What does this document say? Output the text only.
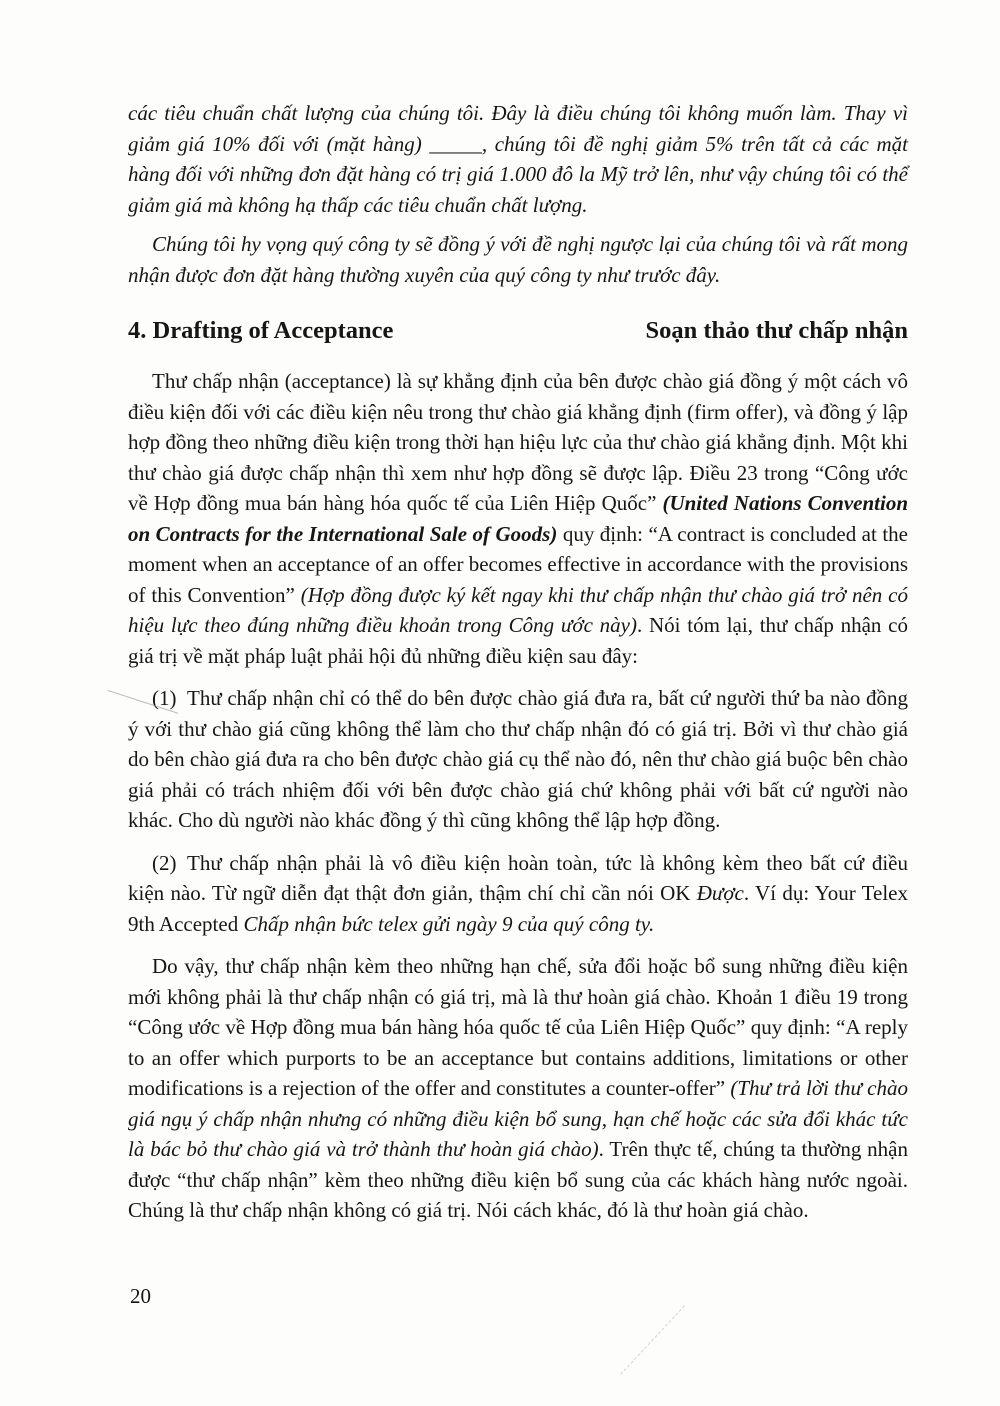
các tiêu chuẩn chất lượng của chúng tôi. Đây là điều chúng tôi không muốn làm. Thay vì giảm giá 10% đối với (mặt hàng) _____, chúng tôi đề nghị giảm 5% trên tất cả các mặt hàng đối với những đơn đặt hàng có trị giá 1.000 đô la Mỹ trở lên, như vậy chúng tôi có thể giảm giá mà không hạ thấp các tiêu chuẩn chất lượng.

Chúng tôi hy vọng quý công ty sẽ đồng ý với đề nghị ngược lại của chúng tôi và rất mong nhận được đơn đặt hàng thường xuyên của quý công ty như trước đây.

4. Drafting of Acceptance	Soạn thảo thư chấp nhận

Thư chấp nhận (acceptance) là sự khẳng định của bên được chào giá đồng ý một cách vô điều kiện đối với các điều kiện nêu trong thư chào giá khẳng định (firm offer), và đồng ý lập hợp đồng theo những điều kiện trong thời hạn hiệu lực của thư chào giá khẳng định. Một khi thư chào giá được chấp nhận thì xem như hợp đồng sẽ được lập. Điều 23 trong “Công ước về Hợp đồng mua bán hàng hóa quốc tế của Liên Hiệp Quốc” (United Nations Convention on Contracts for the International Sale of Goods) quy định: “A contract is concluded at the moment when an acceptance of an offer becomes effective in accordance with the provisions of this Convention” (Hợp đồng được ký kết ngay khi thư chấp nhận thư chào giá trở nên có hiệu lực theo đúng những điều khoản trong Công ước này). Nói tóm lại, thư chấp nhận có giá trị về mặt pháp luật phải hội đủ những điều kiện sau đây:

(1) Thư chấp nhận chỉ có thể do bên được chào giá đưa ra, bất cứ người thứ ba nào đồng ý với thư chào giá cũng không thể làm cho thư chấp nhận đó có giá trị. Bởi vì thư chào giá do bên chào giá đưa ra cho bên được chào giá cụ thể nào đó, nên thư chào giá buộc bên chào giá phải có trách nhiệm đối với bên được chào giá chứ không phải với bất cứ người nào khác. Cho dù người nào khác đồng ý thì cũng không thể lập hợp đồng.

(2) Thư chấp nhận phải là vô điều kiện hoàn toàn, tức là không kèm theo bất cứ điều kiện nào. Từ ngữ diễn đạt thật đơn giản, thậm chí chỉ cần nói OK Được. Ví dụ: Your Telex 9th Accepted Chấp nhận bức telex gửi ngày 9 của quý công ty.

Do vậy, thư chấp nhận kèm theo những hạn chế, sửa đổi hoặc bổ sung những điều kiện mới không phải là thư chấp nhận có giá trị, mà là thư hoàn giá chào. Khoản 1 điều 19 trong “Công ước về Hợp đồng mua bán hàng hóa quốc tế của Liên Hiệp Quốc” quy định: “A reply to an offer which purports to be an acceptance but contains additions, limitations or other modifications is a rejection of the offer and constitutes a counter-offer” (Thư trả lời thư chào giá ngụ ý chấp nhận nhưng có những điều kiện bổ sung, hạn chế hoặc các sửa đổi khác tức là bác bỏ thư chào giá và trở thành thư hoàn giá chào). Trên thực tế, chúng ta thường nhận được “thư chấp nhận” kèm theo những điều kiện bổ sung của các khách hàng nước ngoài. Chúng là thư chấp nhận không có giá trị. Nói cách khác, đó là thư hoàn giá chào.

20
